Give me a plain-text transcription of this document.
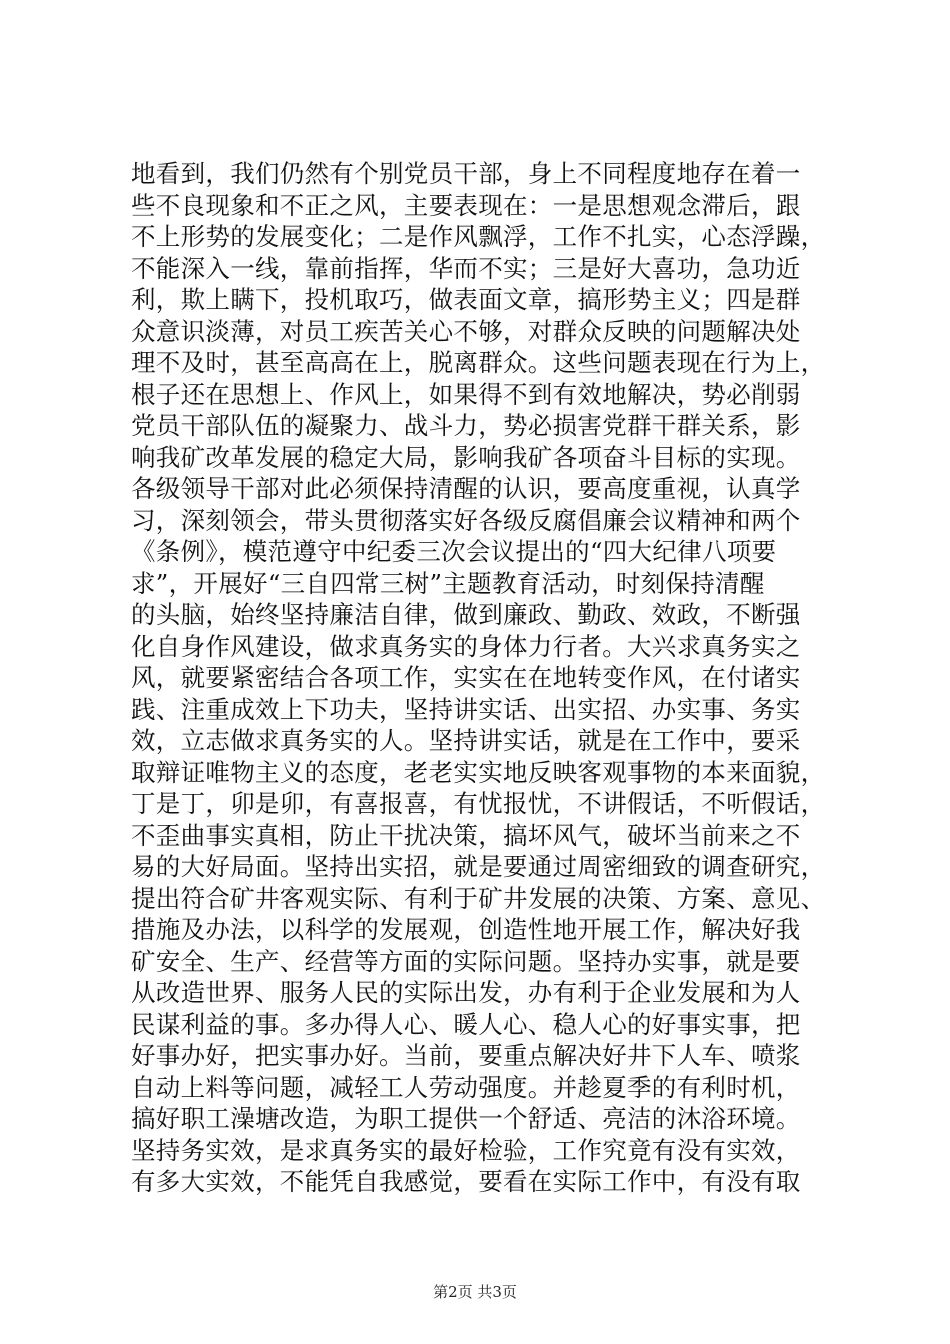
地看到，我们仍然有个别党员干部，身上不同程度地存在着一
些不良现象和不正之风，主要表现在：一是思想观念滞后，跟
不上形势的发展变化；二是作风飘浮，工作不扎实，心态浮躁，
不能深入一线，靠前指挥，华而不实；三是好大喜功，急功近
利，欺上瞒下，投机取巧，做表面文章，搞形势主义；四是群
众意识淡薄，对员工疾苦关心不够，对群众反映的问题解决处
理不及时，甚至高高在上，脱离群众。这些问题表现在行为上，
根子还在思想上、作风上，如果得不到有效地解决，势必削弱
党员干部队伍的凝聚力、战斗力，势必损害党群干群关系，影
响我矿改革发展的稳定大局，影响我矿各项奋斗目标的实现。
各级领导干部对此必须保持清醒的认识，要高度重视，认真学
习，深刻领会，带头贯彻落实好各级反腐倡廉会议精神和两个
《条例》，模范遵守中纪委三次会议提出的“四大纪律八项要
求”，开展好“三自四常三树”主题教育活动，时刻保持清醒
的头脑，始终坚持廉洁自律，做到廉政、勤政、效政，不断强
化自身作风建设，做求真务实的身体力行者。大兴求真务实之
风，就要紧密结合各项工作，实实在在地转变作风，在付诸实
践、注重成效上下功夫，坚持讲实话、出实招、办实事、务实
效，立志做求真务实的人。坚持讲实话，就是在工作中，要采
取辩证唯物主义的态度，老老实实地反映客观事物的本来面貌，
丁是丁，卯是卯，有喜报喜，有忧报忧，不讲假话，不听假话，
不歪曲事实真相，防止干扰决策，搞坏风气，破坏当前来之不
易的大好局面。坚持出实招，就是要通过周密细致的调查研究，
提出符合矿井客观实际、有利于矿井发展的决策、方案、意见、
措施及办法，以科学的发展观，创造性地开展工作，解决好我
矿安全、生产、经营等方面的实际问题。坚持办实事，就是要
从改造世界、服务人民的实际出发，办有利于企业发展和为人
民谋利益的事。多办得人心、暖人心、稳人心的好事实事，把
好事办好，把实事办好。当前，要重点解决好井下人车、喷浆
自动上料等问题，减轻工人劳动强度。并趁夏季的有利时机，
搞好职工澡塘改造，为职工提供一个舒适、亮洁的沐浴环境。
坚持务实效，是求真务实的最好检验，工作究竟有没有实效，
有多大实效，不能凭自我感觉，要看在实际工作中，有没有取
第2页 共3页
